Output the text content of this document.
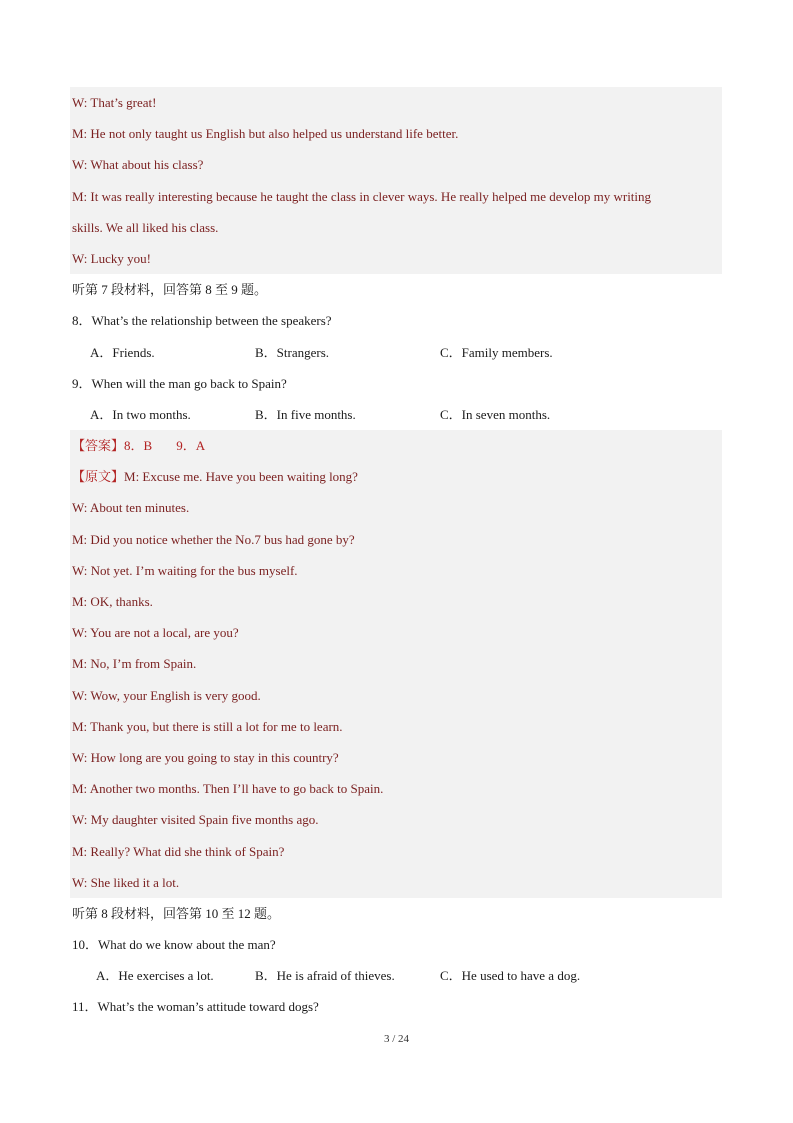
W: That’s great!
M: He not only taught us English but also helped us understand life better.
W: What about his class?
M: It was really interesting because he taught the class in clever ways. He really helped me develop my writing
skills. We all liked his class.
W: Lucky you!
听第 7 段材料，回答第 8 至 9 题。
8．What’s the relationship between the speakers?
A．Friends.	B．Strangers.	C．Family members.
9．When will the man go back to Spain?
A．In two months.	B．In five months.	C．In seven months.
【答案】8．B 9．A
【原文】M: Excuse me. Have you been waiting long?
W: About ten minutes.
M: Did you notice whether the No.7 bus had gone by?
W: Not yet. I’m waiting for the bus myself.
M: OK, thanks.
W: You are not a local, are you?
M: No, I’m from Spain.
W: Wow, your English is very good.
M: Thank you, but there is still a lot for me to learn.
W: How long are you going to stay in this country?
M: Another two months. Then I’ll have to go back to Spain.
W: My daughter visited Spain five months ago.
M: Really? What did she think of Spain?
W: She liked it a lot.
听第 8 段材料，回答第 10 至 12 题。
10．What do we know about the man?
A．He exercises a lot.	B．He is afraid of thieves.	C．He used to have a dog.
11．What’s the woman’s attitude toward dogs?
3 / 24
